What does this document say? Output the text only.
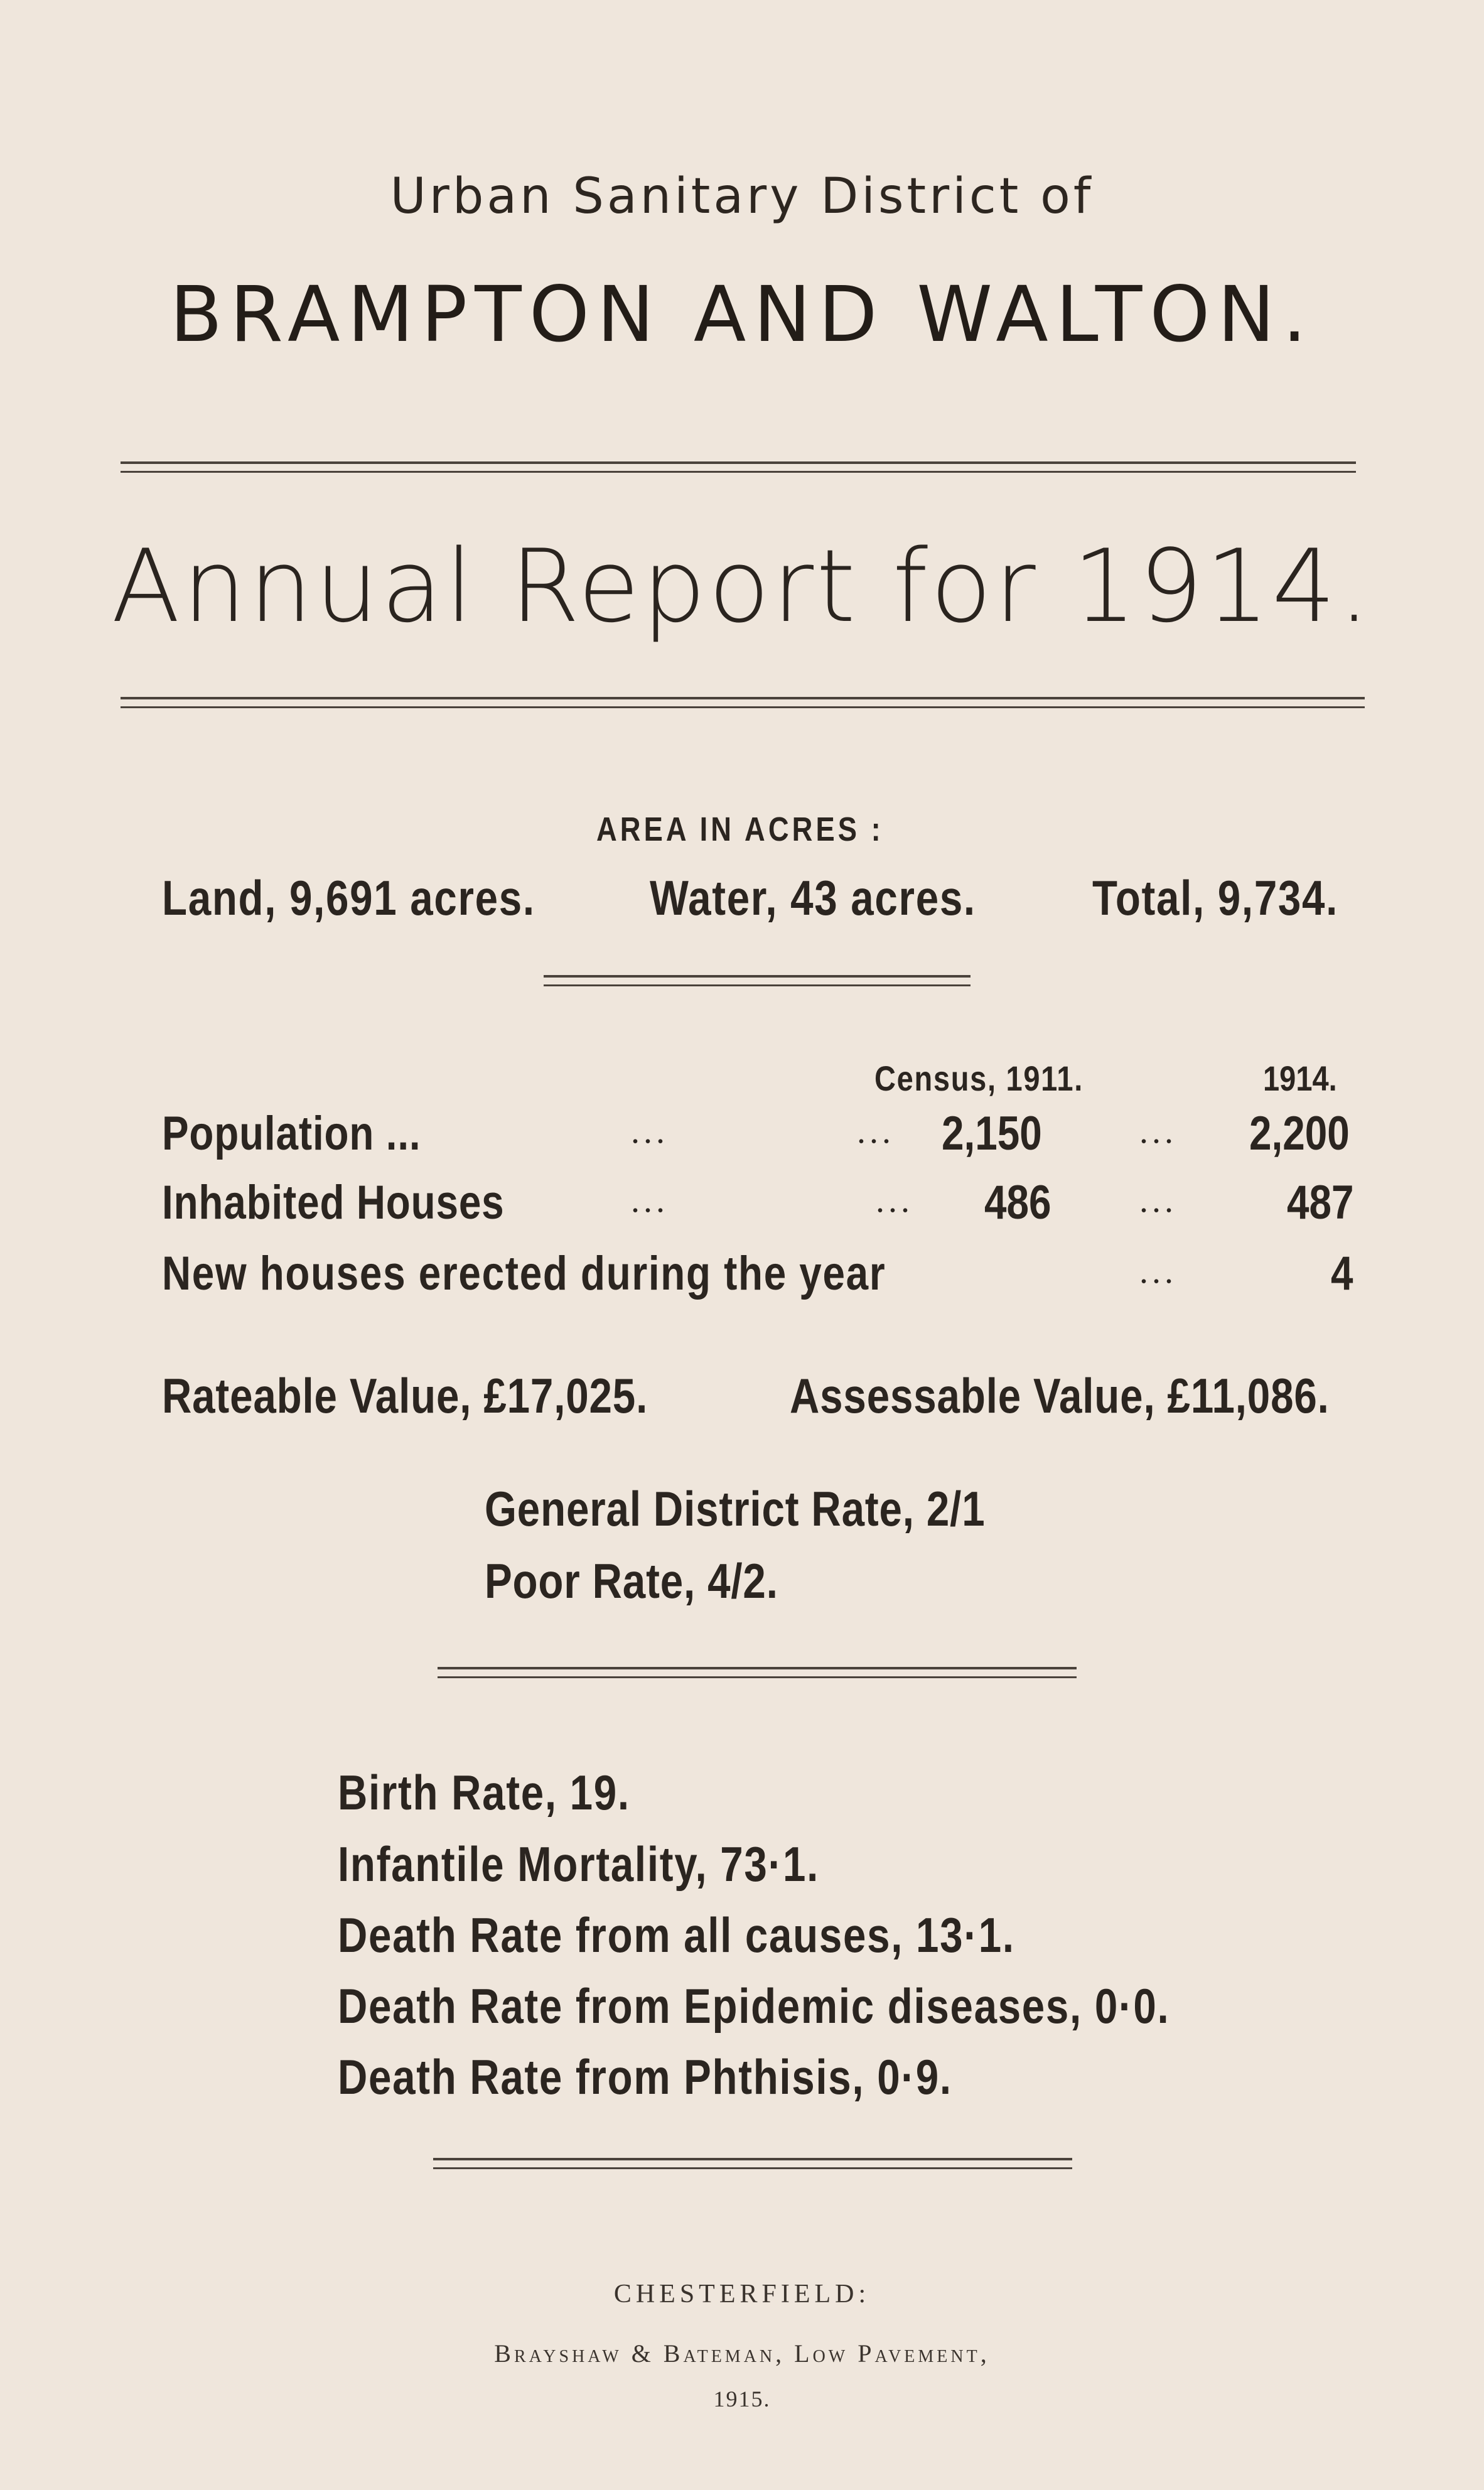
Urban Sanitary District of
BRAMPTON AND WALTON.
Annual Report for 1914.
AREA IN ACRES :
Land, 9,691 acres. Water, 43 acres. Total, 9,734.
Census, 1911.	1914.
Population ...	...	... 2,150	... 2,200
Inhabited Houses	...	... 486	... 487
New houses erected during the year	...	4
Rateable Value, £17,025.	Assessable Value, £11,086.
General District Rate, 2/1
Poor Rate, 4/2.
Birth Rate, 19.
Infantile Mortality, 73·1.
Death Rate from all causes, 13·1.
Death Rate from Epidemic diseases, 0·0.
Death Rate from Phthisis, 0·9.
CHESTERFIELD:
Brayshaw & Bateman, Low Pavement,
1915.
